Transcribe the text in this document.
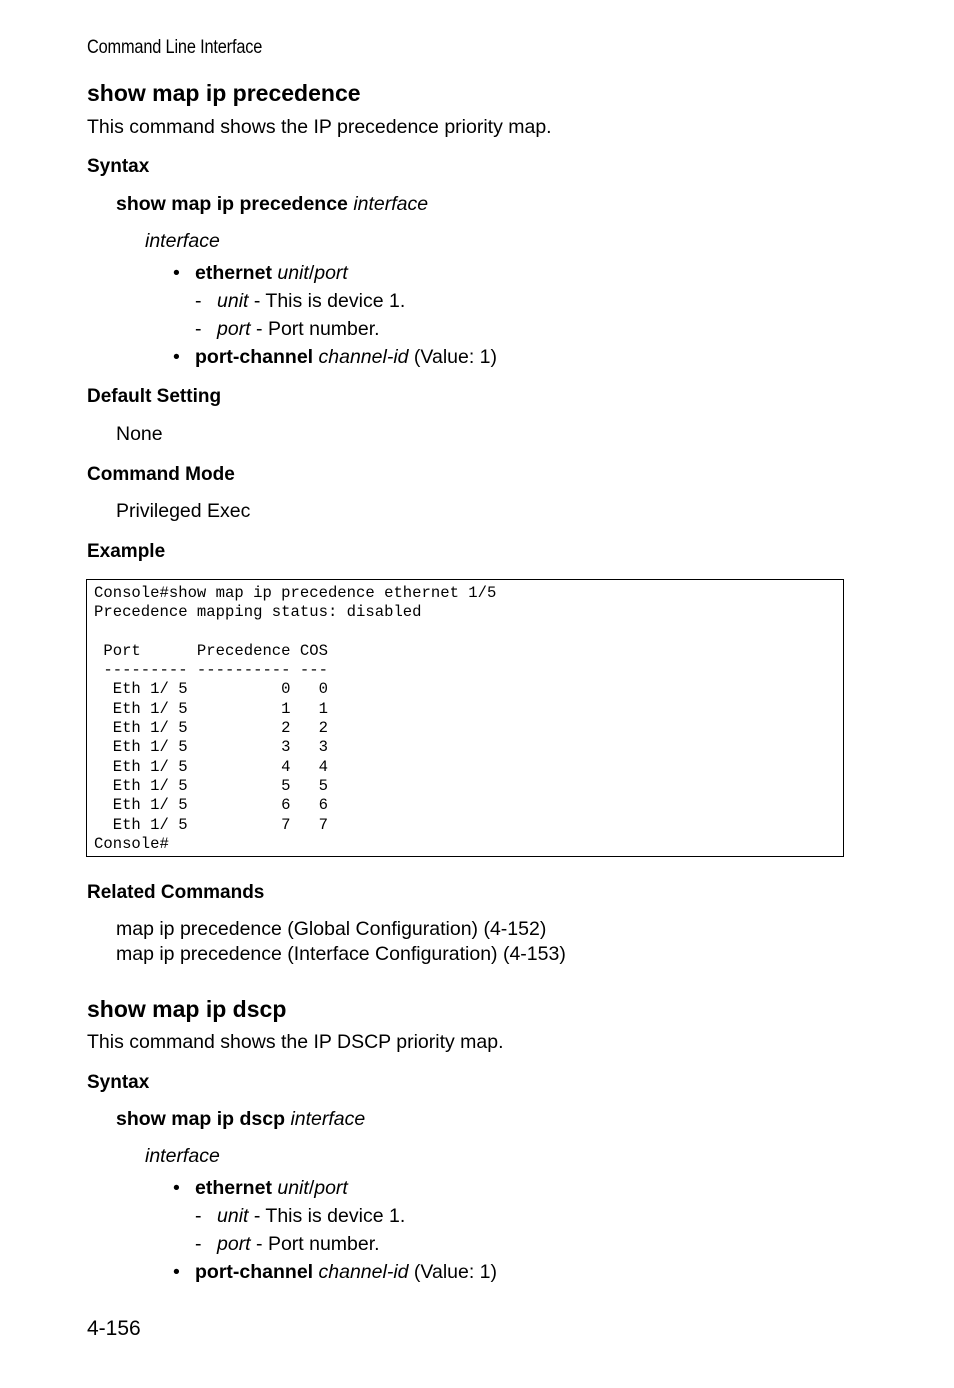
Command Line Interface
show map ip precedence
This command shows the IP precedence priority map.
Syntax
show map ip precedence interface
interface
• ethernet unit/port
- unit - This is device 1.
- port - Port number.
• port-channel channel-id (Value: 1)
Default Setting
None
Command Mode
Privileged Exec
Example
Console#show map ip precedence ethernet 1/5
Precedence mapping status: disabled

Port      Precedence COS
--------- ---------- ---
Eth 1/ 5          0   0
Eth 1/ 5          1   1
Eth 1/ 5          2   2
Eth 1/ 5          3   3
Eth 1/ 5          4   4
Eth 1/ 5          5   5
Eth 1/ 5          6   6
Eth 1/ 5          7   7
Console#
Related Commands
map ip precedence (Global Configuration) (4-152)
map ip precedence (Interface Configuration) (4-153)
show map ip dscp
This command shows the IP DSCP priority map.
Syntax
show map ip dscp interface
interface
• ethernet unit/port
- unit - This is device 1.
- port - Port number.
• port-channel channel-id (Value: 1)
4-156
